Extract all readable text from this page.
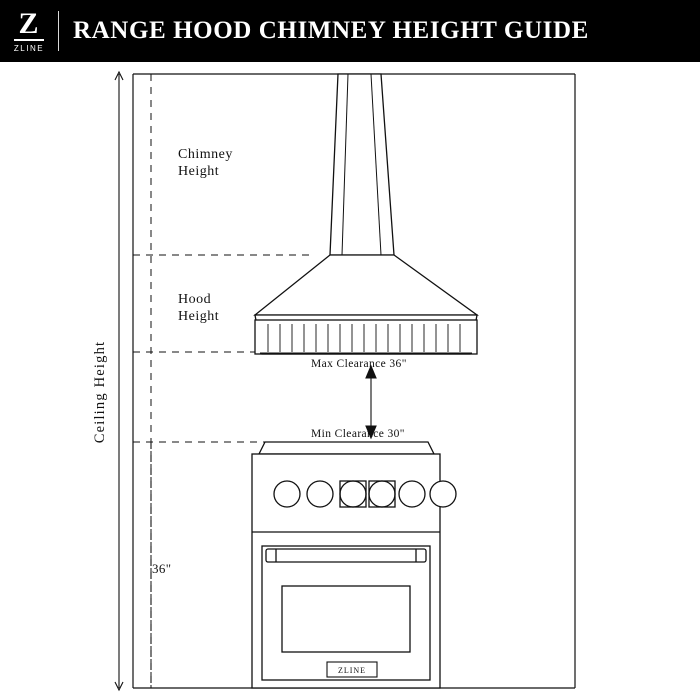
Z
ZLINE
RANGE HOOD CHIMNEY HEIGHT GUIDE
Ceiling Height
Chimney
Height
Hood
Height
Max Clearance 36"
Min Clearance 30"
ZLINE
36"
